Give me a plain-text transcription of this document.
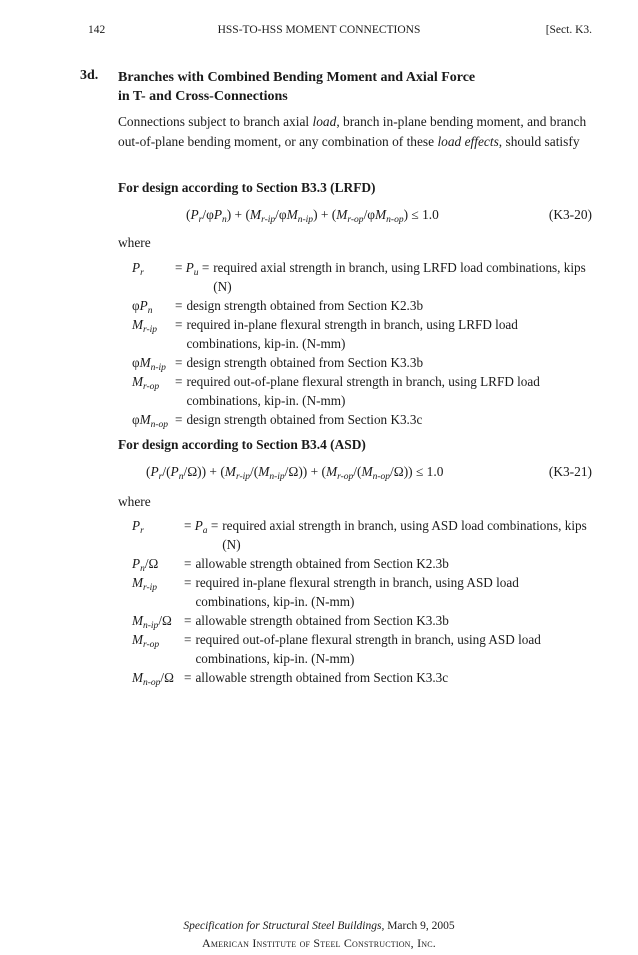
142	HSS-TO-HSS MOMENT CONNECTIONS	[Sect. K3.
3d. Branches with Combined Bending Moment and Axial Force
in T- and Cross-Connections
Connections subject to branch axial load, branch in-plane bending moment, and branch out-of-plane bending moment, or any combination of these load effects, should satisfy
For design according to Section B3.3 (LRFD)
$(P_r/\varphi P_n) + (M_{r-ip}/\varphi M_{n-ip}) + (M_{r-op}/\varphi M_{n-op}) \le 1.0$	(K3-20)
where
$P_r$	= $P_u$ = required axial strength in branch, using LRFD load combinations, kips (N)
$\varphi P_n$	= design strength obtained from Section K2.3b
$M_{r-ip}$	= required in-plane flexural strength in branch, using LRFD load combinations, kip-in. (N-mm)
$\varphi M_{n-ip}$ = design strength obtained from Section K3.3b
$M_{r-op}$	= required out-of-plane flexural strength in branch, using LRFD load combinations, kip-in. (N-mm)
$\varphi M_{n-op}$ = design strength obtained from Section K3.3c
For design according to Section B3.4 (ASD)
$(P_r/(P_n/\Omega)) + (M_{r-ip}/(M_{n-ip}/\Omega)) + (M_{r-op}/(M_{n-op}/\Omega)) \le 1.0$	(K3-21)
where
$P_r$	= $P_a$ = required axial strength in branch, using ASD load combinations, kips (N)
$P_n/\Omega$	= allowable strength obtained from Section K2.3b
$M_{r-ip}$	= required in-plane flexural strength in branch, using ASD load combinations, kip-in. (N-mm)
$M_{n-ip}/\Omega$ = allowable strength obtained from Section K3.3b
$M_{r-op}$	= required out-of-plane flexural strength in branch, using ASD load combinations, kip-in. (N-mm)
$M_{n-op}/\Omega$ = allowable strength obtained from Section K3.3c
Specification for Structural Steel Buildings, March 9, 2005
American Institute of Steel Construction, Inc.
